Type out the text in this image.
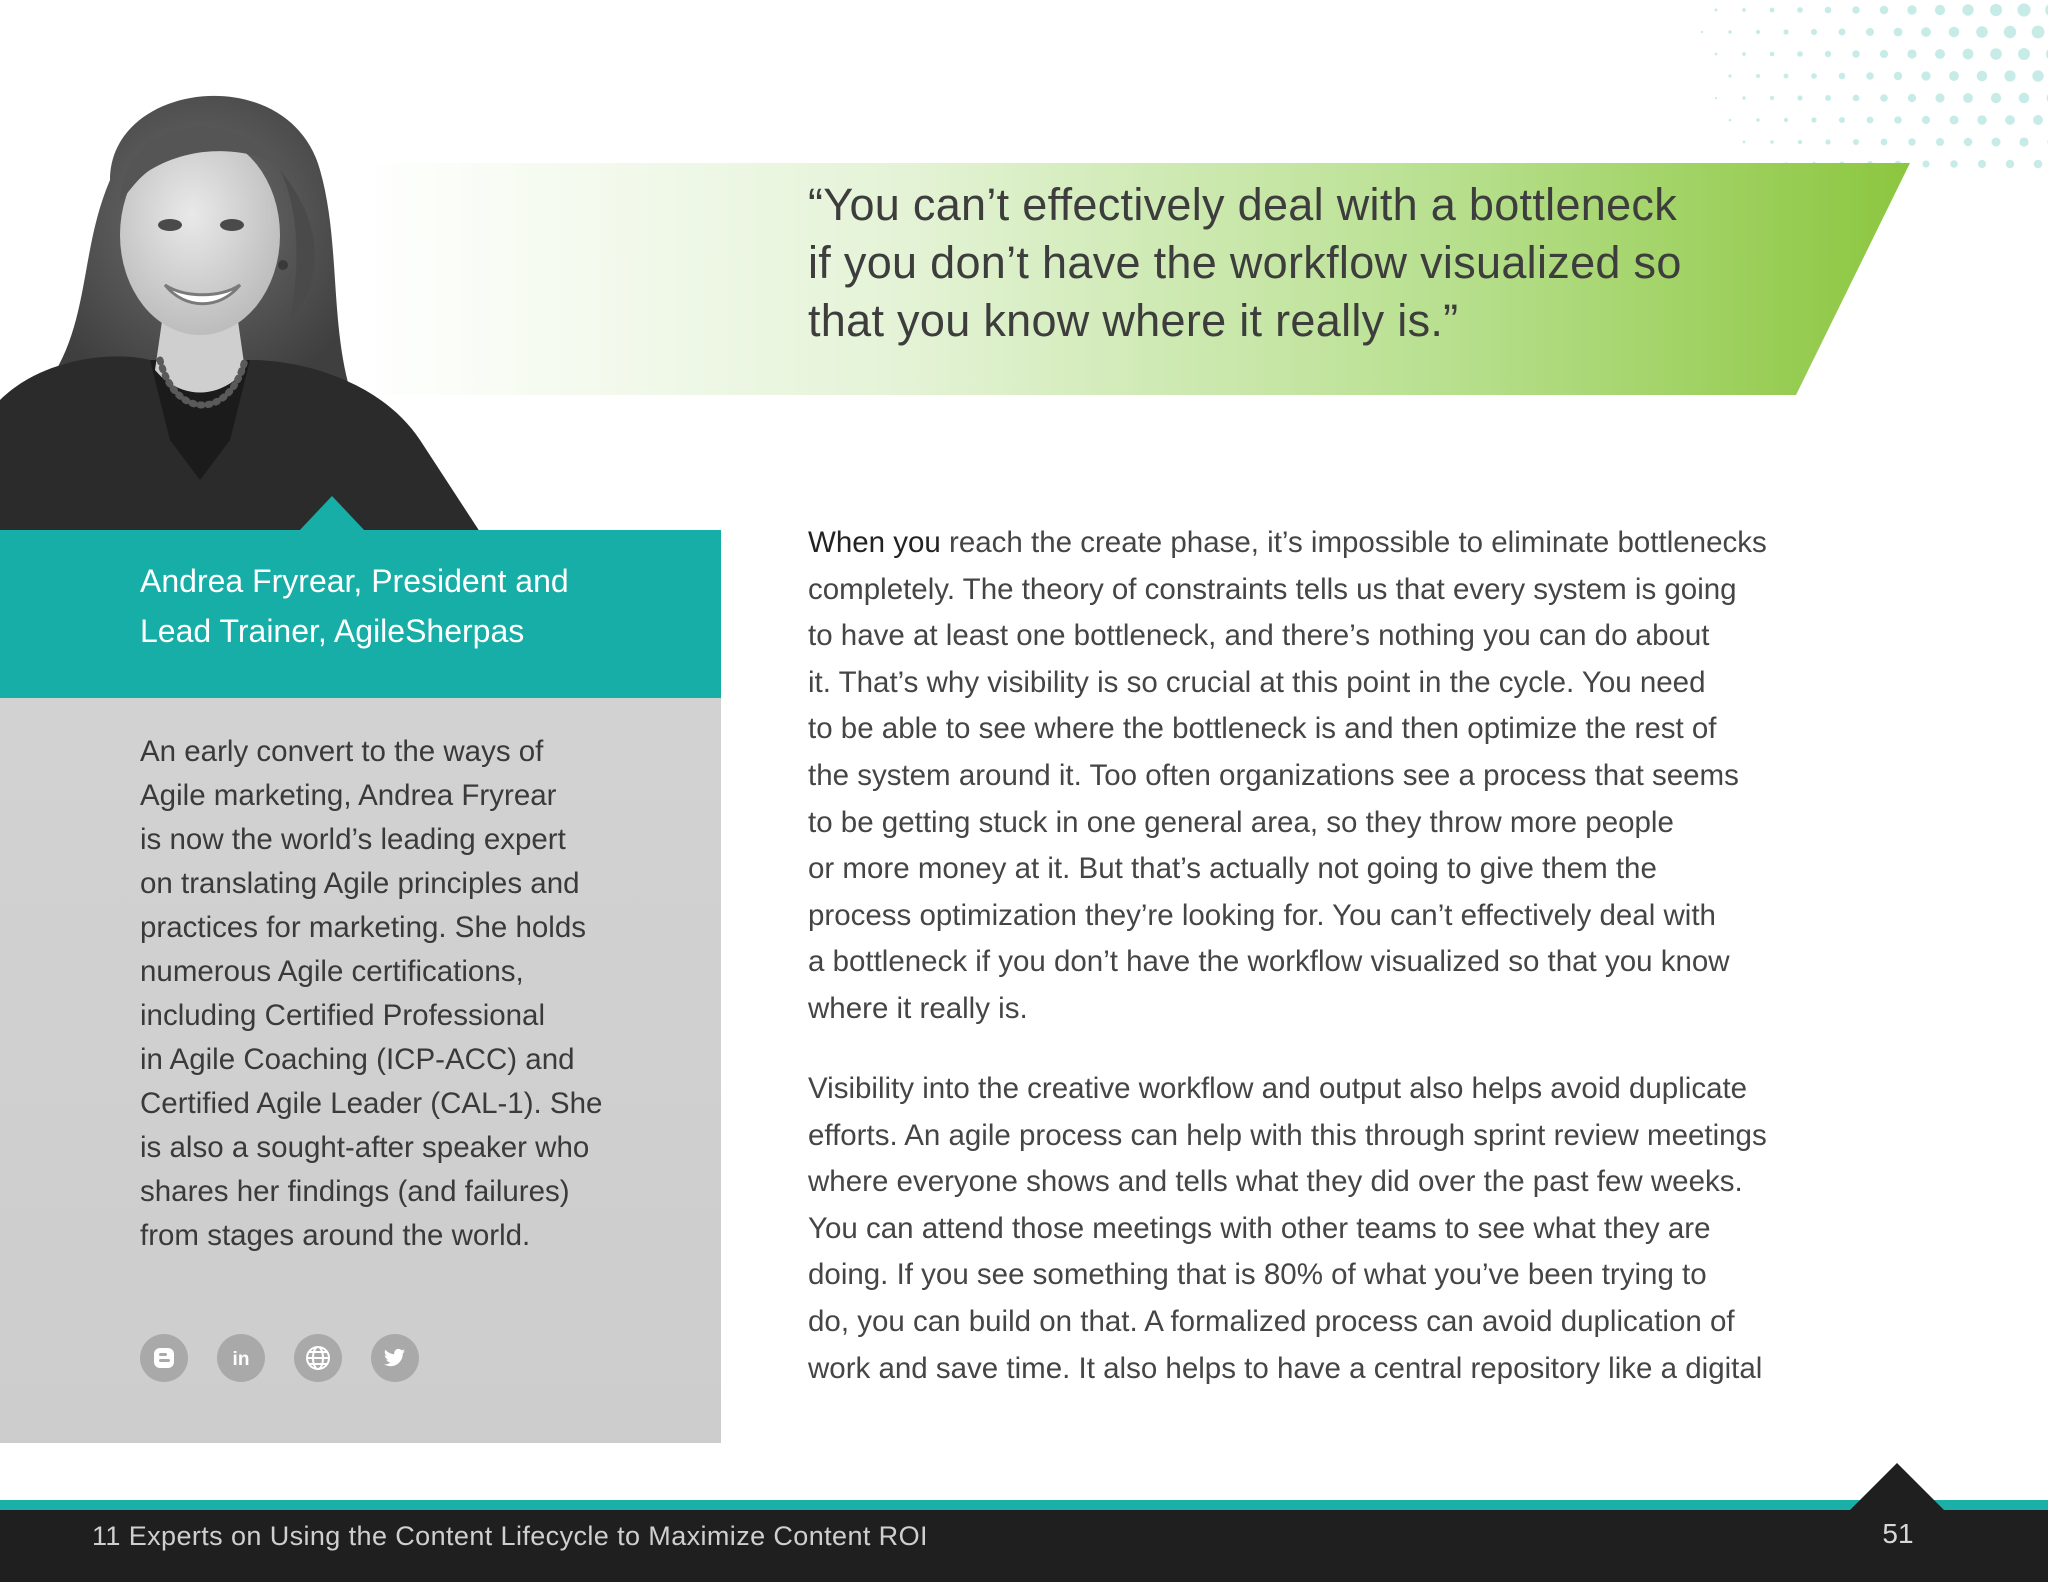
“You can’t effectively deal with a bottleneck
if you don’t have the workflow visualized so
that you know where it really is.”
Andrea Fryrear, President and
Lead Trainer, AgileSherpas
An early convert to the ways of
Agile marketing, Andrea Fryrear
is now the world’s leading expert
on translating Agile principles and
practices for marketing. She holds
numerous Agile certifications,
including Certified Professional
in Agile Coaching (ICP-ACC) and
Certified Agile Leader (CAL-1). She
is also a sought-after speaker who
shares her findings (and failures)
from stages around the world.
in
When you reach the create phase, it’s impossible to eliminate bottlenecks
completely. The theory of constraints tells us that every system is going
to have at least one bottleneck, and there’s nothing you can do about
it. That’s why visibility is so crucial at this point in the cycle. You need
to be able to see where the bottleneck is and then optimize the rest of
the system around it. Too often organizations see a process that seems
to be getting stuck in one general area, so they throw more people
or more money at it. But that’s actually not going to give them the
process optimization they’re looking for. You can’t effectively deal with
a bottleneck if you don’t have the workflow visualized so that you know
where it really is.
Visibility into the creative workflow and output also helps avoid duplicate
efforts. An agile process can help with this through sprint review meetings
where everyone shows and tells what they did over the past few weeks.
You can attend those meetings with other teams to see what they are
doing. If you see something that is 80% of what you’ve been trying to
do, you can build on that. A formalized process can avoid duplication of
work and save time. It also helps to have a central repository like a digital
11 Experts on Using the Content Lifecycle to Maximize Content ROI	51
